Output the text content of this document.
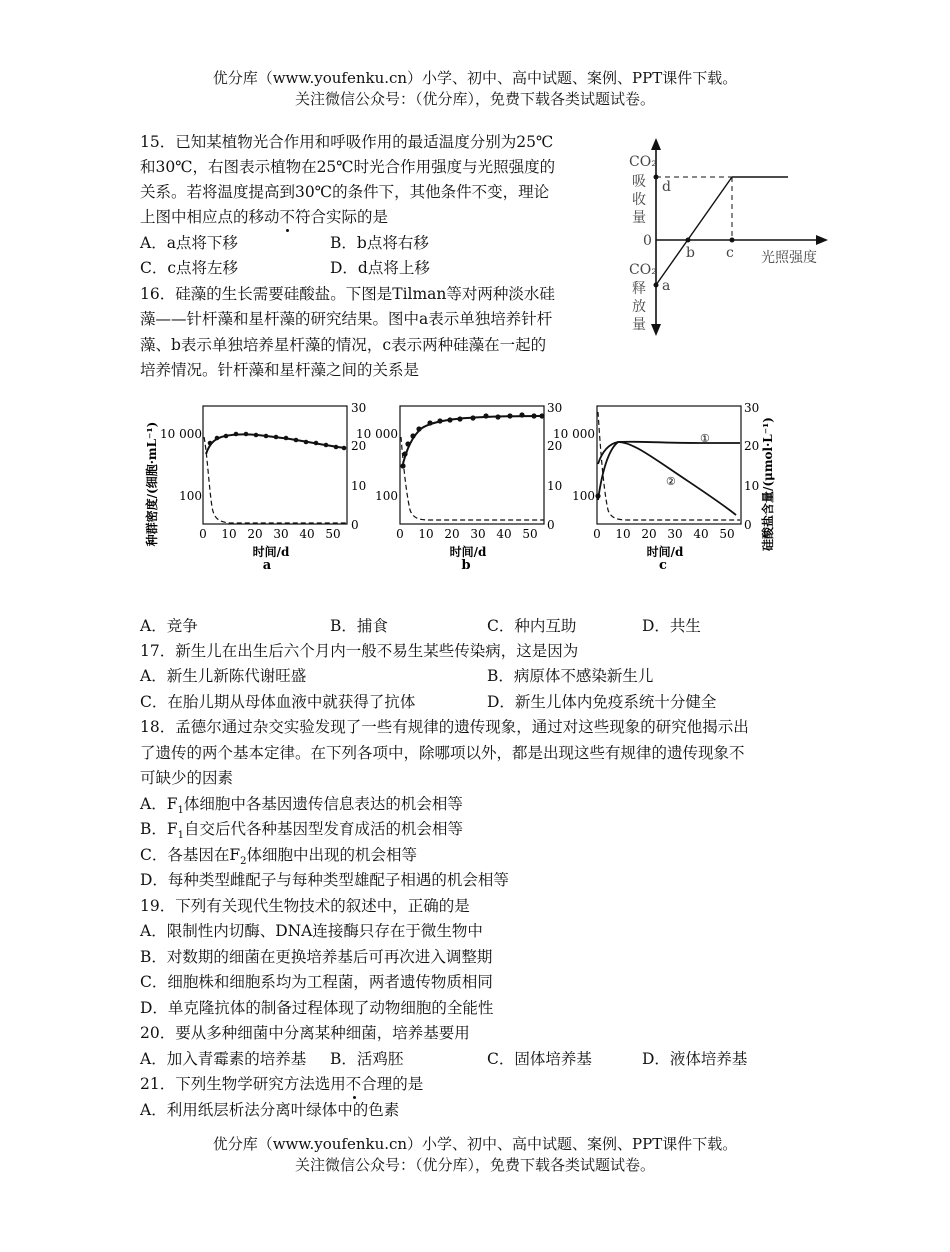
优分库（www.youfenku.cn）小学、初中、高中试题、案例、PPT课件下载。
关注微信公众号：（优分库），免费下载各类试题试卷。
15．已知某植物光合作用和呼吸作用的最适温度分别为25℃
和30℃，右图表示植物在25℃时光合作用强度与光照强度的
关系。若将温度提高到30℃的条件下，其他条件不变，理论
上图中相应点的移动不符合实际的是
A．a点将下移	B．b点将右移
C．c点将左移	D．d点将上移
CO₂
吸
收
量
d
0
b c 光照强度
CO₂
释
放
量
a
16．硅藻的生长需要硅酸盐。下图是Tilman等对两种淡水硅
藻——针杆藻和星杆藻的研究结果。图中a表示单独培养针杆
藻、b表示单独培养星杆藻的情况，c表示两种硅藻在一起的
培养情况。针杆藻和星杆藻之间的关系是
种群密度/(细胞·mL⁻¹)	硅酸盐含量/(μmol·L⁻¹)
10 000
100
30
20
10
0
0 10 20 30 40 50
时间/d
a
10 000
100
30
20
10
0
0 10 20 30 40 50
时间/d
b
10 000
100
30
20
10
0
0 10 20 30 40 50
时间/d
c
①
②
A．竞争	B．捕食	C．种内互助	D．共生
17．新生儿在出生后六个月内一般不易生某些传染病，这是因为
A．新生儿新陈代谢旺盛	B．病原体不感染新生儿
C．在胎儿期从母体血液中就获得了抗体	D．新生儿体内免疫系统十分健全
18．孟德尔通过杂交实验发现了一些有规律的遗传现象，通过对这些现象的研究他揭示出
了遗传的两个基本定律。在下列各项中，除哪项以外，都是出现这些有规律的遗传现象不
可缺少的因素
A．$F_1$体细胞中各基因遗传信息表达的机会相等
B．$F_1$自交后代各种基因型发育成活的机会相等
C．各基因在$F_2$体细胞中出现的机会相等
D．每种类型雌配子与每种类型雄配子相遇的机会相等
19．下列有关现代生物技术的叙述中，正确的是
A．限制性内切酶、DNA连接酶只存在于微生物中
B．对数期的细菌在更换培养基后可再次进入调整期
C．细胞株和细胞系均为工程菌，两者遗传物质相同
D．单克隆抗体的制备过程体现了动物细胞的全能性
20．要从多种细菌中分离某种细菌，培养基要用
A．加入青霉素的培养基 B．活鸡胚	C．固体培养基	D．液体培养基
21．下列生物学研究方法选用不合理的是
A．利用纸层析法分离叶绿体中的色素
优分库（www.youfenku.cn）小学、初中、高中试题、案例、PPT课件下载。
关注微信公众号：（优分库），免费下载各类试题试卷。
